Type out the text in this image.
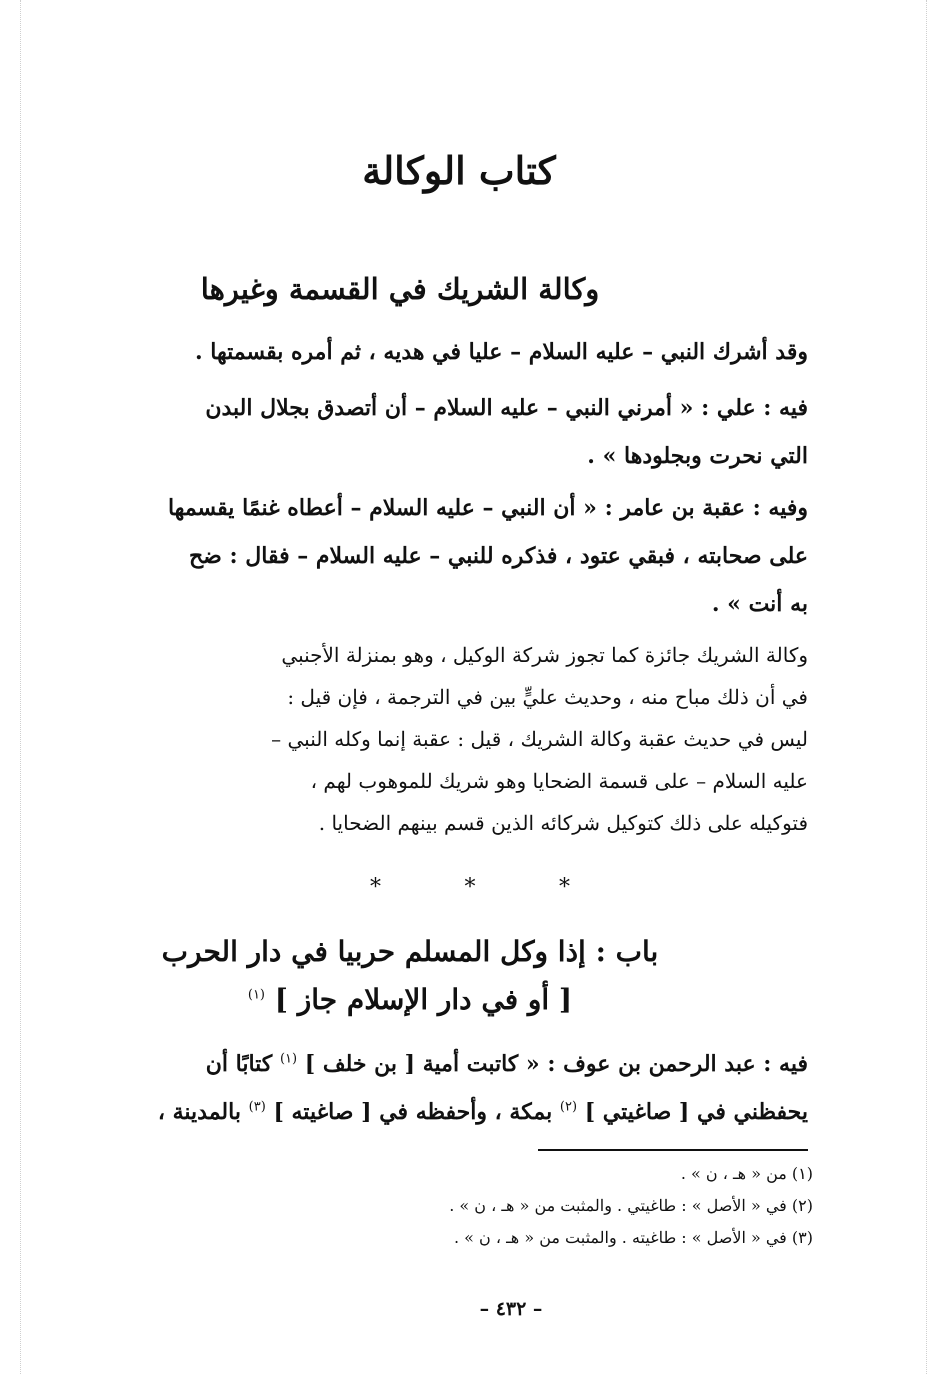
كتاب الوكالة
وكالة الشريك في القسمة وغيرها

وقد أشرك النبي – عليه السلام – عليا في هديه ، ثم أمره بقسمتها .

فيه : علي : « أمرني النبي – عليه السلام – أن أتصدق بجلال البدن
التي نحرت وبجلودها » .

وفيه : عقبة بن عامر : « أن النبي – عليه السلام – أعطاه غنمًا يقسمها
على صحابته ، فبقي عتود ، فذكره للنبي – عليه السلام – فقال : ضح
به أنت » .

وكالة الشريك جائزة كما تجوز شركة الوكيل ، وهو بمنزلة الأجنبي
في أن ذلك مباح منه ، وحديث عليٍّ بين في الترجمة ، فإن قيل :
ليس في حديث عقبة وكالة الشريك ، قيل : عقبة إنما وكله النبي –
عليه السلام – على قسمة الضحايا وهو شريك للموهوب لهم ،
فتوكيله على ذلك كتوكيل شركائه الذين قسم بينهم الضحايا .

*
*
*
باب : إذا وكل المسلم حربيا في دار الحرب
[ أو في دار الإسلام جاز ] $^{(١)}$

فيه : عبد الرحمن بن عوف : « كاتبت أمية [ بن خلف ] $^{(١)}$ كتابًا أن
يحفظني في [ صاغيتي ] $^{(٢)}$ بمكة ، وأحفظه في [ صاغيته ] $^{(٣)}$ بالمدينة ،

(١) من « هـ ، ن » .
(٢) في « الأصل » : طاغيتي . والمثبت من « هـ ، ن » .
(٣) في « الأصل » : طاغيته . والمثبت من « هـ ، ن » .
– ٤٣٢ –
